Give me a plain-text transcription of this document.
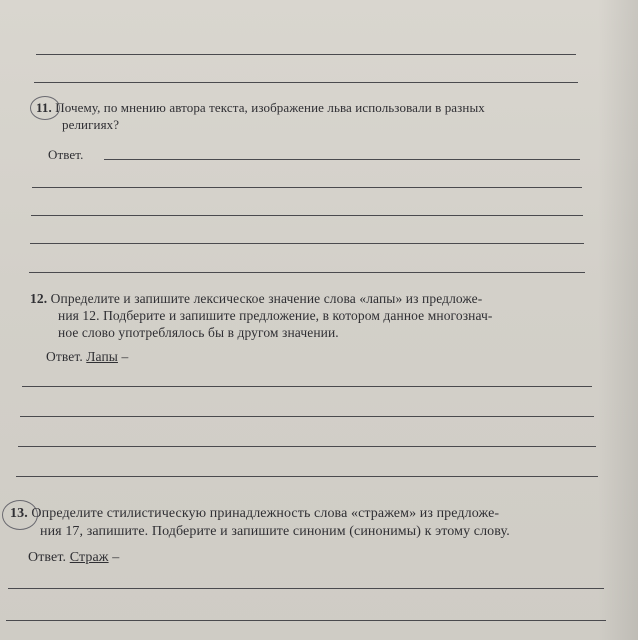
11. Почему, по мнению автора текста, изображение льва использовали в разных
религиях?
Ответ.
12. Определите и запишите лексическое значение слова «лапы» из предложе-
ния 12. Подберите и запишите предложение, в котором данное многознач-
ное слово употреблялось бы в другом значении.
Ответ. Лапы –
13. Определите стилистическую принадлежность слова «стражем» из предложе-
ния 17, запишите. Подберите и запишите синоним (синонимы) к этому слову.
Ответ. Страж –
